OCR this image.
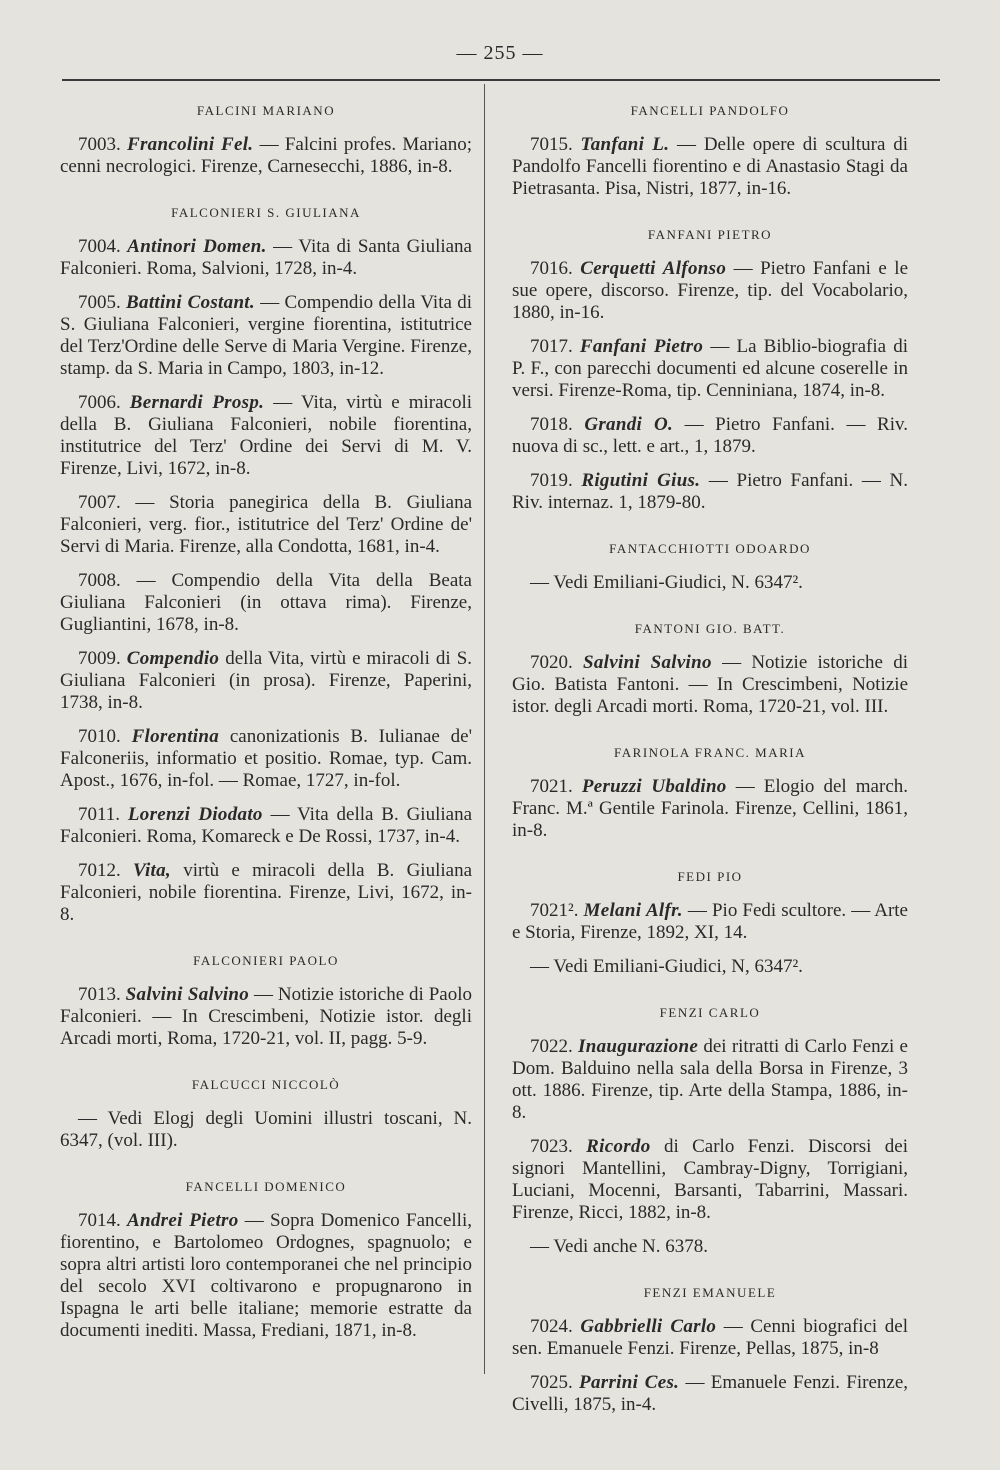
— 255 —
FALCINI MARIANO

7003. Francolini Fel. — Falcini profes. Mariano; cenni necrologici. Firenze, Carnesecchi, 1886, in-8.

FALCONIERI S. GIULIANA

7004. Antinori Domen. — Vita di Santa Giuliana Falconieri. Roma, Salvioni, 1728, in-4.

7005. Battini Costant. — Compendio della Vita di S. Giuliana Falconieri, vergine fiorentina, istitutrice del Terz'Ordine delle Serve di Maria Vergine. Firenze, stamp. da S. Maria in Campo, 1803, in-12.

7006. Bernardi Prosp. — Vita, virtù e miracoli della B. Giuliana Falconieri, nobile fiorentina, institutrice del Terz' Ordine dei Servi di M. V. Firenze, Livi, 1672, in-8.

7007. — Storia panegirica della B. Giuliana Falconieri, verg. fior., istitutrice del Terz' Ordine de' Servi di Maria. Firenze, alla Condotta, 1681, in-4.

7008. — Compendio della Vita della Beata Giuliana Falconieri (in ottava rima). Firenze, Gugliantini, 1678, in-8.

7009. Compendio della Vita, virtù e miracoli di S. Giuliana Falconieri (in prosa). Firenze, Paperini, 1738, in-8.

7010. Florentina canonizationis B. Iulianae de' Falconeriis, informatio et positio. Romae, typ. Cam. Apost., 1676, in-fol. — Romae, 1727, in-fol.

7011. Lorenzi Diodato — Vita della B. Giuliana Falconieri. Roma, Komareck e De Rossi, 1737, in-4.

7012. Vita, virtù e miracoli della B. Giuliana Falconieri, nobile fiorentina. Firenze, Livi, 1672, in-8.

FALCONIERI PAOLO

7013. Salvini Salvino — Notizie istoriche di Paolo Falconieri. — In Crescimbeni, Notizie istor. degli Arcadi morti, Roma, 1720-21, vol. II, pagg. 5-9.

FALCUCCI NICCOLÒ

— Vedi Elogj degli Uomini illustri toscani, N. 6347, (vol. III).

FANCELLI DOMENICO

7014. Andrei Pietro — Sopra Domenico Fancelli, fiorentino, e Bartolomeo Ordognes, spagnuolo; e sopra altri artisti loro contemporanei che nel principio del secolo XVI coltivarono e propugnarono in Ispagna le arti belle italiane; memorie estratte da documenti inediti. Massa, Frediani, 1871, in-8.

FANCELLI PANDOLFO

7015. Tanfani L. — Delle opere di scultura di Pandolfo Fancelli fiorentino e di Anastasio Stagi da Pietrasanta. Pisa, Nistri, 1877, in-16.

FANFANI PIETRO

7016. Cerquetti Alfonso — Pietro Fanfani e le sue opere, discorso. Firenze, tip. del Vocabolario, 1880, in-16.

7017. Fanfani Pietro — La Biblio-biografia di P. F., con parecchi documenti ed alcune coserelle in versi. Firenze-Roma, tip. Cenniniana, 1874, in-8.

7018. Grandi O. — Pietro Fanfani. — Riv. nuova di sc., lett. e art., 1, 1879.

7019. Rigutini Gius. — Pietro Fanfani. — N. Riv. internaz. 1, 1879-80.

FANTACCHIOTTI ODOARDO

— Vedi Emiliani-Giudici, N. 6347².

FANTONI GIO. BATT.

7020. Salvini Salvino — Notizie istoriche di Gio. Batista Fantoni. — In Crescimbeni, Notizie istor. degli Arcadi morti. Roma, 1720-21, vol. III.

FARINOLA FRANC. MARIA

7021. Peruzzi Ubaldino — Elogio del march. Franc. M.ª Gentile Farinola. Firenze, Cellini, 1861, in-8.

FEDI PIO

7021². Melani Alfr. — Pio Fedi scultore. — Arte e Storia, Firenze, 1892, XI, 14.

— Vedi Emiliani-Giudici, N, 6347².

FENZI CARLO

7022. Inaugurazione dei ritratti di Carlo Fenzi e Dom. Balduino nella sala della Borsa in Firenze, 3 ott. 1886. Firenze, tip. Arte della Stampa, 1886, in-8.

7023. Ricordo di Carlo Fenzi. Discorsi dei signori Mantellini, Cambray-Digny, Torrigiani, Luciani, Mocenni, Barsanti, Tabarrini, Massari. Firenze, Ricci, 1882, in-8.

— Vedi anche N. 6378.

FENZI EMANUELE

7024. Gabbrielli Carlo — Cenni biografici del sen. Emanuele Fenzi. Firenze, Pellas, 1875, in-8

7025. Parrini Ces. — Emanuele Fenzi. Firenze, Civelli, 1875, in-4.
